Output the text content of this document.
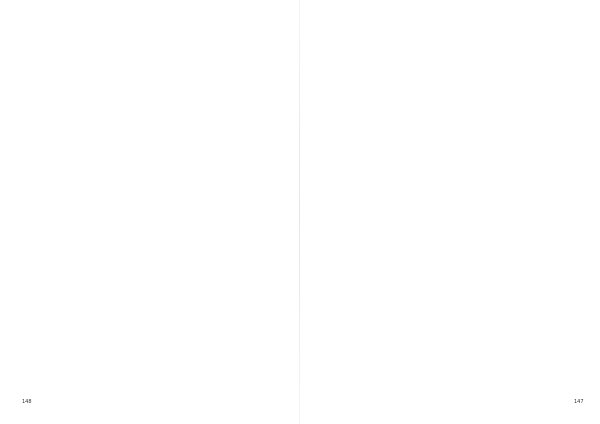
148	147
